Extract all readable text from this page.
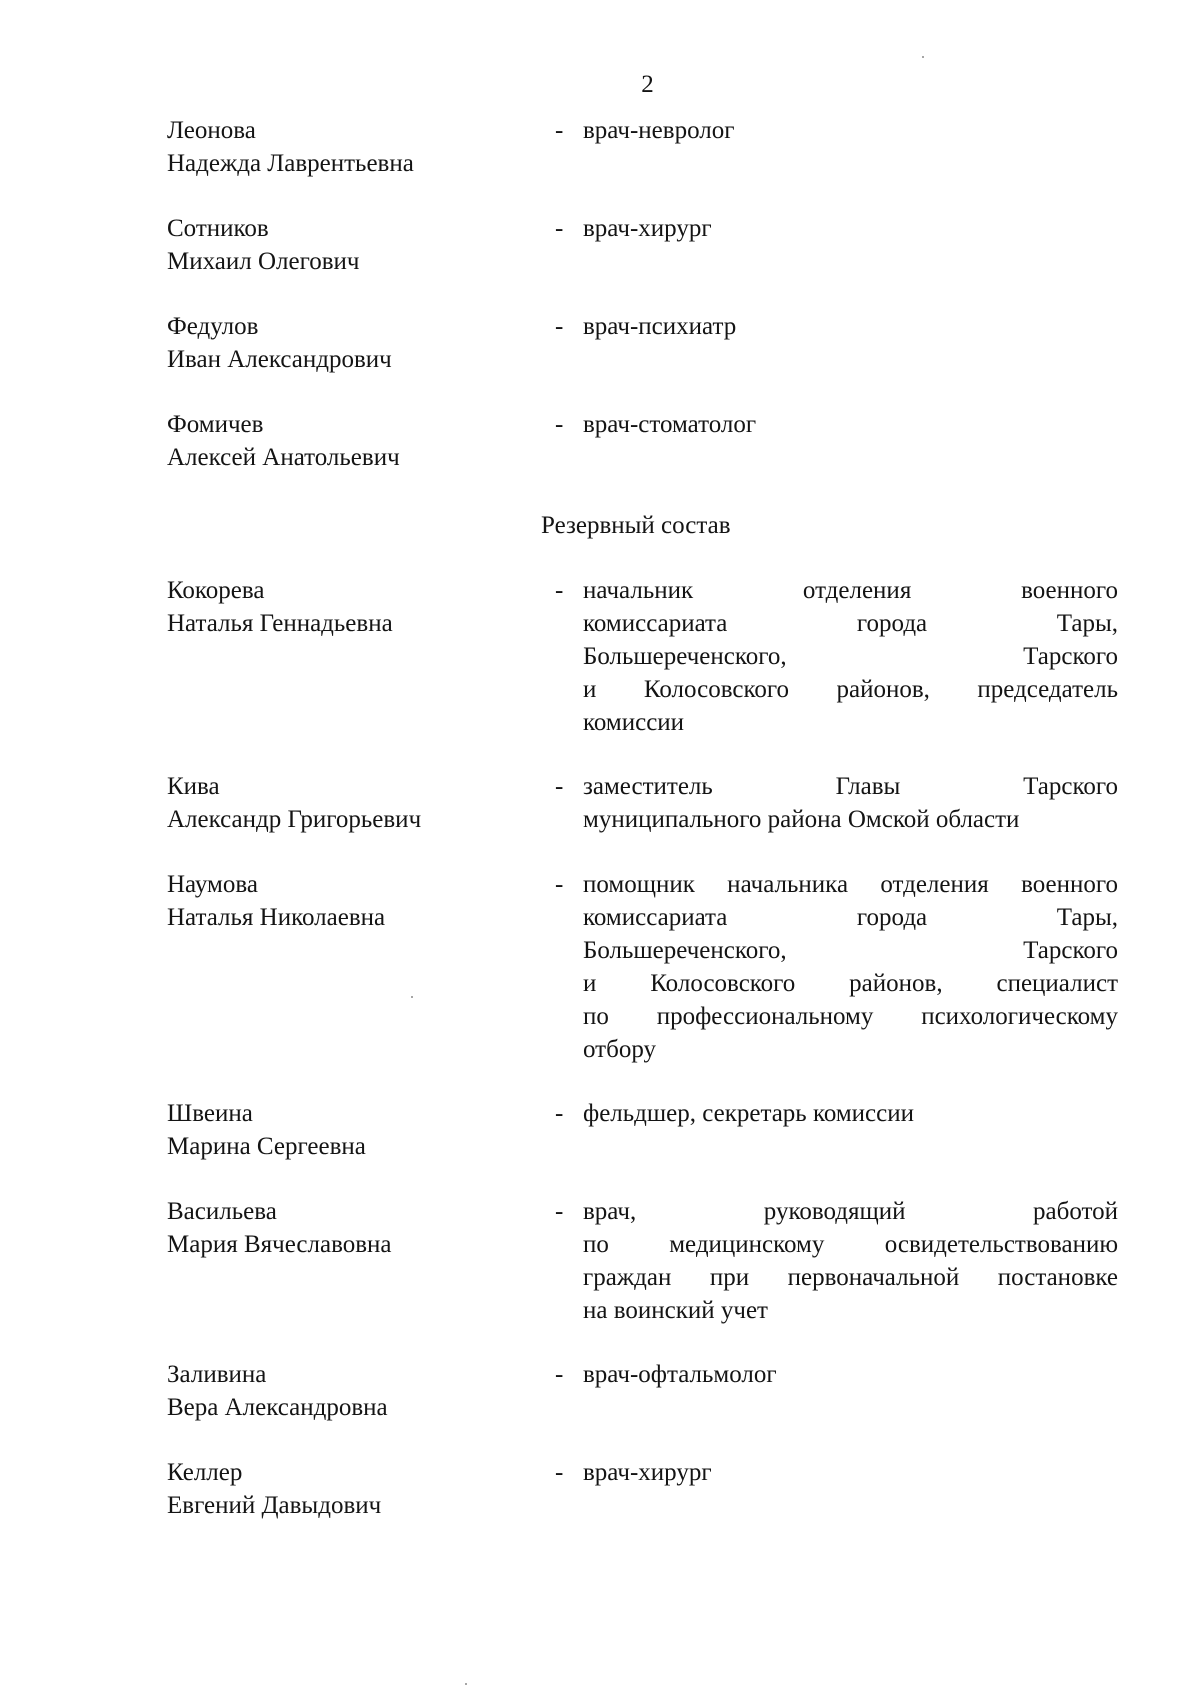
2
Леонова
Надежда Лаврентьевна
- врач-невролог
Сотников
Михаил Олегович
- врач-хирург
Федулов
Иван Александрович
- врач-психиатр
Фомичев
Алексей Анатольевич
- врач-стоматолог
Резервный состав
Кокорева
Наталья Геннадьевна
- начальник отделения военного
комиссариата города Тары,
Большереченского, Тарского
и Колосовского районов, председатель
комиссии
Кива
Александр Григорьевич
- заместитель Главы Тарского
муниципального района Омской области
Наумова
Наталья Николаевна
- помощник начальника отделения военного
комиссариата города Тары,
Большереченского, Тарского
и Колосовского районов, специалист
по профессиональному психологическому
отбору
Швеина
Марина Сергеевна
- фельдшер, секретарь комиссии
Васильева
Мария Вячеславовна
- врач, руководящий работой
по медицинскому освидетельствованию
граждан при первоначальной постановке
на воинский учет
Заливина
Вера Александровна
- врач-офтальмолог
Келлер
Евгений Давыдович
- врач-хирург
